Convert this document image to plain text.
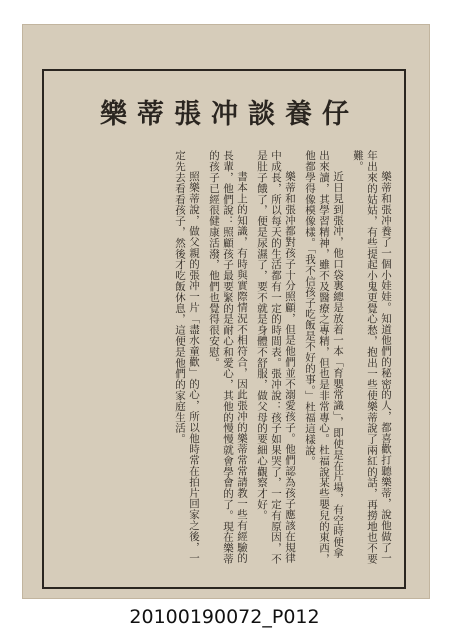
樂蒂張冲談養仔

樂蒂和張冲養了一個小娃娃。知道他們的秘密的人，都喜歡打聽樂蒂，說他做了一年出來的姑姑，有些提起小鬼更覺心愁，抱出一些使樂蒂說了兩紅的話，再撈地也不要難。

近日見到張冲，他口袋裏總是放着一本「育嬰常識」，即使是在片場，有空時便拿出來讀，其學習精神，雖不及醫療之專精，但也是非常專心。杜福說某些嬰兒的東西，他都學得像模像樣。「我不信孩子吃飯是不好的事。」杜福這樣說。

樂蒂和張冲都對孩子十分照顧，但是他們並不溺愛孩子。他們認為孩子應該在規律中成長，所以每天的生活都有一定的時間表。張冲說：孩子如果哭了，一定有原因，不是肚子餓了，便是尿濕了，要不就是身體不舒服，做父母的要細心觀察才好。

書本上的知識，有時與實際情況不相符合，因此張冲的樂蒂常常請教一些有經驗的長輩，他們說：照顧孩子最要緊的是耐心和愛心，其他的慢慢就會學會的了。現在樂蒂的孩子已經很健康活潑，他們也覺得很安慰。

照樂蒂說，做父親的張冲一片「盡水童歡」的心，所以他時常在拍片回家之後，一定先去看看孩子，然後才吃飯休息，這便是他們的家庭生活。

20100190072_P012
